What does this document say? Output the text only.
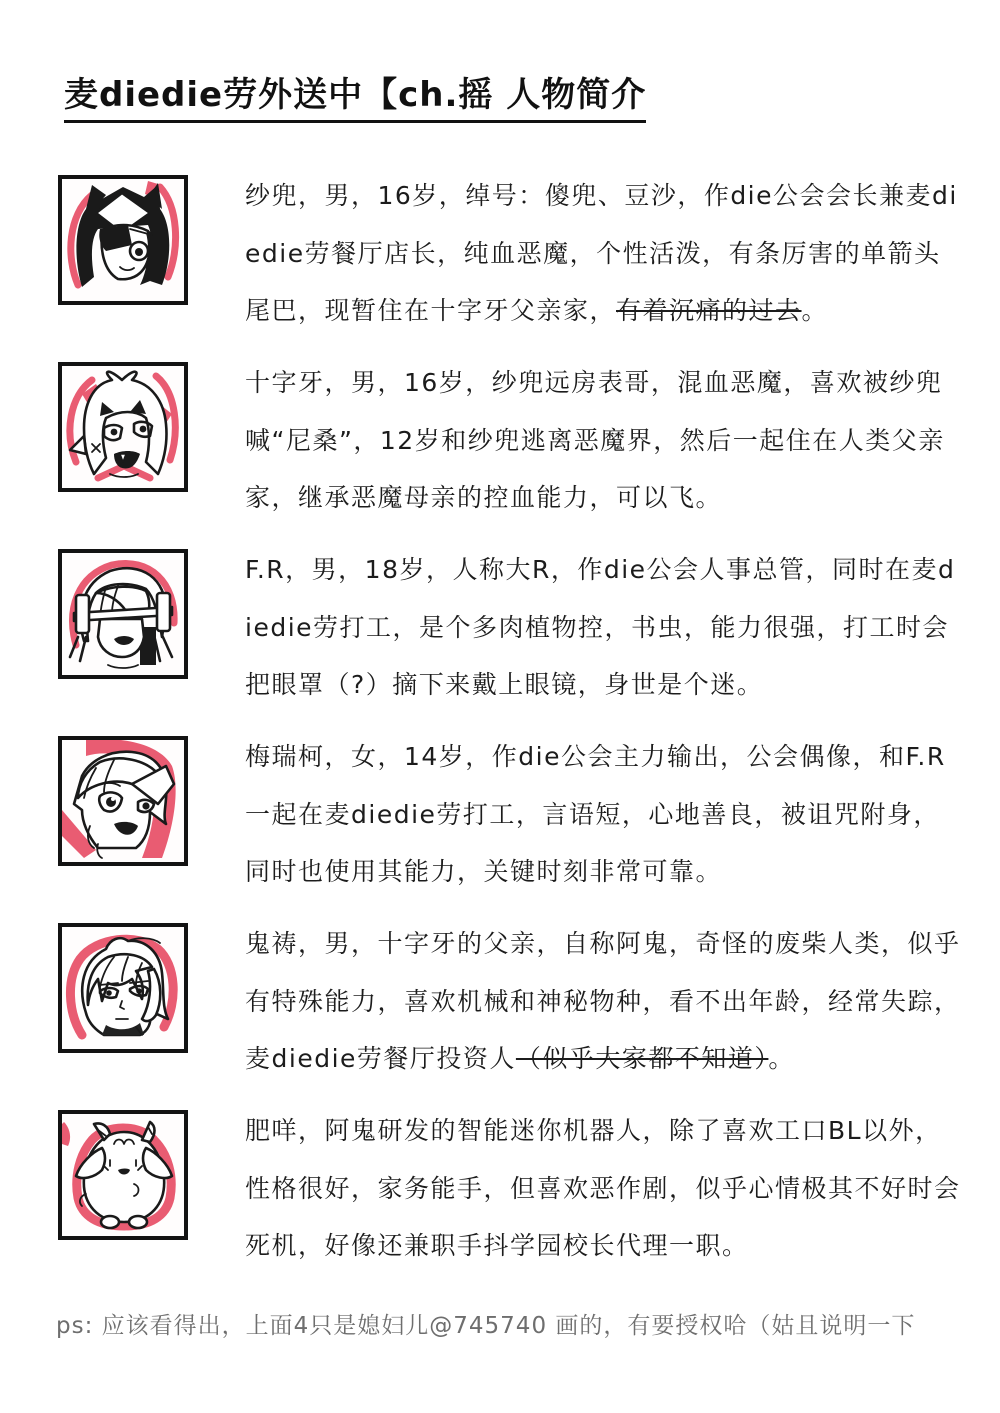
麦diedie劳外送中【ch.摇 人物简介

纱兜，男，16岁，绰号：傻兜、豆沙，作die公会会长兼麦diedie劳餐厅店长，纯血恶魔，个性活泼，有条厉害的单箭头尾巴，现暂住在十字牙父亲家，有着沉痛的过去。

十字牙，男，16岁，纱兜远房表哥，混血恶魔，喜欢被纱兜喊“尼桑”，12岁和纱兜逃离恶魔界，然后一起住在人类父亲家，继承恶魔母亲的控血能力，可以飞。

F.R，男，18岁，人称大R，作die公会人事总管，同时在麦diedie劳打工，是个多肉植物控，书虫，能力很强，打工时会把眼罩（?）摘下来戴上眼镜，身世是个迷。

梅瑞柯，女，14岁，作die公会主力输出，公会偶像，和F.R一起在麦diedie劳打工，言语短，心地善良，被诅咒附身，同时也使用其能力，关键时刻非常可靠。

鬼祷，男，十字牙的父亲，自称阿鬼，奇怪的废柴人类，似乎有特殊能力，喜欢机械和神秘物种，看不出年龄，经常失踪，麦diedie劳餐厅投资人（似乎大家都不知道）。

肥咩，阿鬼研发的智能迷你机器人，除了喜欢工口BL以外，性格很好，家务能手，但喜欢恶作剧，似乎心情极其不好时会死机，好像还兼职手抖学园校长代理一职。

ps: 应该看得出，上面4只是媳妇儿@745740 画的，有要授权哈（姑且说明一下
